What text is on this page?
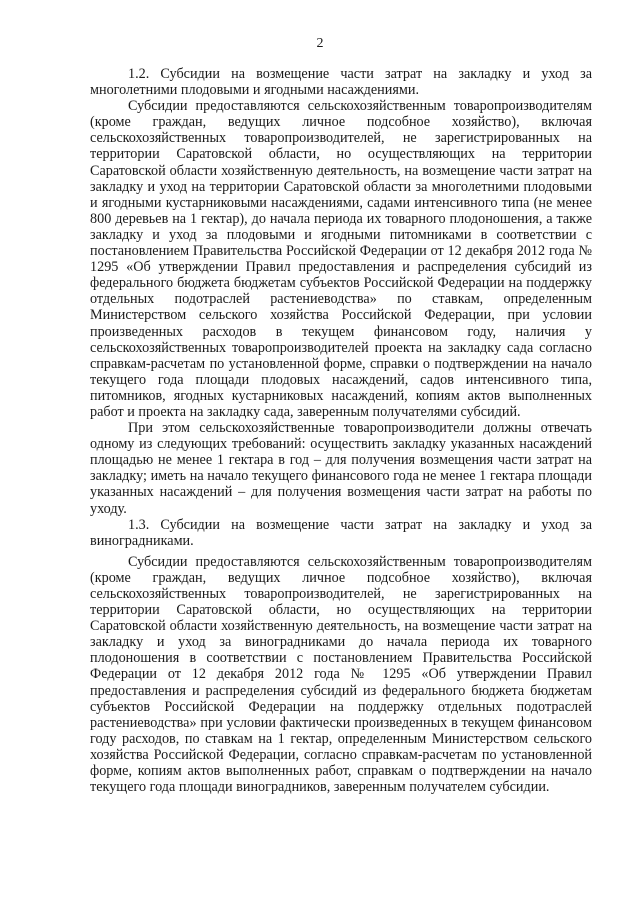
2

1.2. Субсидии на возмещение части затрат на закладку и уход за многолетними плодовыми и ягодными насаждениями.

Субсидии предоставляются сельскохозяйственным товаропроизводителям (кроме граждан, ведущих личное подсобное хозяйство), включая сельскохозяйственных товаропроизводителей, не зарегистрированных на территории Саратовской области, но осуществляющих на территории Саратовской области хозяйственную деятельность, на возмещение части затрат на закладку и уход на территории Саратовской области за многолетними плодовыми и ягодными кустарниковыми насаждениями, садами интенсивного типа (не менее 800 деревьев на 1 гектар), до начала периода их товарного плодоношения, а также закладку и уход за плодовыми и ягодными питомниками в соответствии с постановлением Правительства Российской Федерации от 12 декабря 2012 года № 1295 «Об утверждении Правил предоставления и распределения субсидий из федерального бюджета бюджетам субъектов Российской Федерации на поддержку отдельных подотраслей растениеводства» по ставкам, определенным Министерством сельского хозяйства Российской Федерации, при условии произведенных расходов в текущем финансовом году, наличия у сельскохозяйственных товаропроизводителей проекта на закладку сада согласно справкам-расчетам по установленной форме, справки о подтверждении на начало текущего года площади плодовых насаждений, садов интенсивного типа, питомников, ягодных кустарниковых насаждений, копиям актов выполненных работ и проекта на закладку сада, заверенным получателями субсидий.

При этом сельскохозяйственные товаропроизводители должны отвечать одному из следующих требований: осуществить закладку указанных насаждений площадью не менее 1 гектара в год – для получения возмещения части затрат на закладку; иметь на начало текущего финансового года не менее 1 гектара площади указанных насаждений – для получения возмещения части затрат на работы по уходу.

1.3. Субсидии на возмещение части затрат на закладку и уход за виноградниками.

Субсидии предоставляются сельскохозяйственным товаропроизводителям (кроме граждан, ведущих личное подсобное хозяйство), включая сельскохозяйственных товаропроизводителей, не зарегистрированных на территории Саратовской области, но осуществляющих на территории Саратовской области хозяйственную деятельность, на возмещение части затрат на закладку и уход за виноградниками до начала периода их товарного плодоношения в соответствии с постановлением Правительства Российской Федерации от 12 декабря 2012 года № 1295 «Об утверждении Правил предоставления и распределения субсидий из федерального бюджета бюджетам субъектов Российской Федерации на поддержку отдельных подотраслей растениеводства» при условии фактически произведенных в текущем финансовом году расходов, по ставкам на 1 гектар, определенным Министерством сельского хозяйства Российской Федерации, согласно справкам-расчетам по установленной форме, копиям актов выполненных работ, справкам о подтверждении на начало текущего года площади виноградников, заверенным получателем субсидии.
